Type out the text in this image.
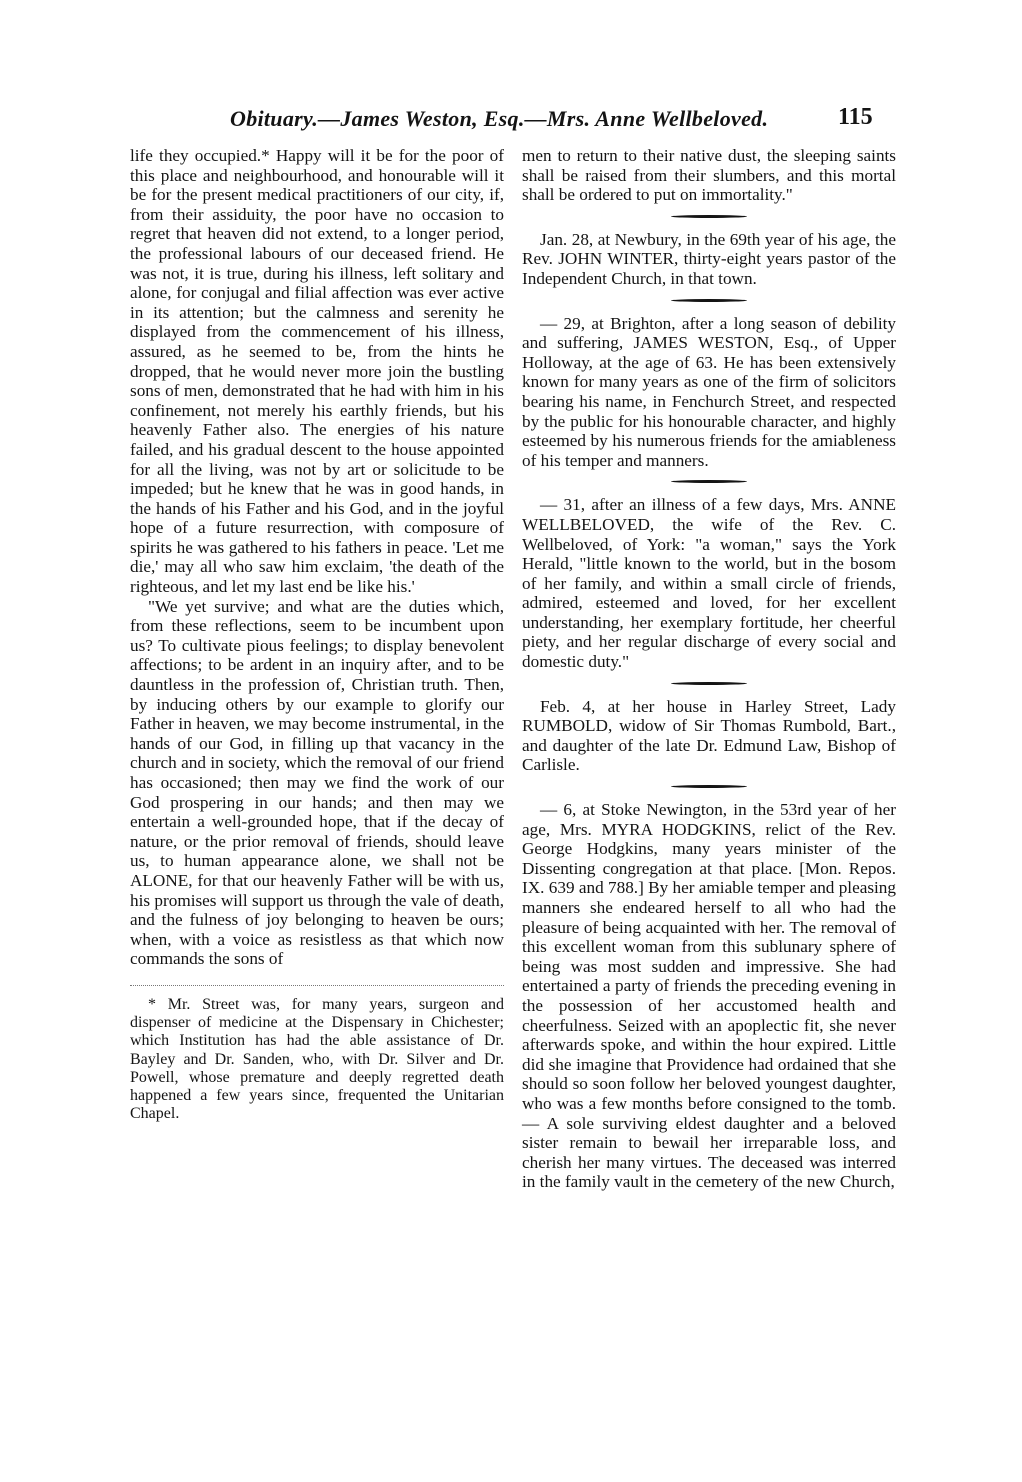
Obituary.—James Weston, Esq.—Mrs. Anne Wellbeloved.	115

life they occupied.* Happy will it be for the poor of this place and neighbourhood, and honourable will it be for the present medical practitioners of our city, if, from their assiduity, the poor have no occasion to regret that heaven did not extend, to a longer period, the professional labours of our deceased friend. He was not, it is true, during his illness, left solitary and alone, for conjugal and filial affection was ever active in its attention; but the calmness and serenity he displayed from the commencement of his illness, assured, as he seemed to be, from the hints he dropped, that he would never more join the bustling sons of men, demonstrated that he had with him in his confinement, not merely his earthly friends, but his heavenly Father also. The energies of his nature failed, and his gradual descent to the house appointed for all the living, was not by art or solicitude to be impeded; but he knew that he was in good hands, in the hands of his Father and his God, and in the joyful hope of a future resurrection, with composure of spirits he was gathered to his fathers in peace. 'Let me die,' may all who saw him exclaim, 'the death of the righteous, and let my last end be like his.'

"We yet survive; and what are the duties which, from these reflections, seem to be incumbent upon us? To cultivate pious feelings; to display benevolent affections; to be ardent in an inquiry after, and to be dauntless in the profession of, Christian truth. Then, by inducing others by our example to glorify our Father in heaven, we may become instrumental, in the hands of our God, in filling up that vacancy in the church and in society, which the removal of our friend has occasioned; then may we find the work of our God prospering in our hands; and then may we entertain a well-grounded hope, that if the decay of nature, or the prior removal of friends, should leave us, to human appearance alone, we shall not be ALONE, for that our heavenly Father will be with us, his promises will support us through the vale of death, and the fulness of joy belonging to heaven be ours; when, with a voice as resistless as that which now commands the sons of

* Mr. Street was, for many years, surgeon and dispenser of medicine at the Dispensary in Chichester; which Institution has had the able assistance of Dr. Bayley and Dr. Sanden, who, with Dr. Silver and Dr. Powell, whose premature and deeply regretted death happened a few years since, frequented the Unitarian Chapel.

men to return to their native dust, the sleeping saints shall be raised from their slumbers, and this mortal shall be ordered to put on immortality."

Jan. 28, at Newbury, in the 69th year of his age, the Rev. JOHN WINTER, thirty-eight years pastor of the Independent Church, in that town.

— 29, at Brighton, after a long season of debility and suffering, JAMES WESTON, Esq., of Upper Holloway, at the age of 63. He has been extensively known for many years as one of the firm of solicitors bearing his name, in Fenchurch Street, and respected by the public for his honourable character, and highly esteemed by his numerous friends for the amiableness of his temper and manners.

— 31, after an illness of a few days, Mrs. ANNE WELLBELOVED, the wife of the Rev. C. Wellbeloved, of York: "a woman," says the York Herald, "little known to the world, but in the bosom of her family, and within a small circle of friends, admired, esteemed and loved, for her excellent understanding, her exemplary fortitude, her cheerful piety, and her regular discharge of every social and domestic duty."

Feb. 4, at her house in Harley Street, Lady RUMBOLD, widow of Sir Thomas Rumbold, Bart., and daughter of the late Dr. Edmund Law, Bishop of Carlisle.

— 6, at Stoke Newington, in the 53rd year of her age, Mrs. MYRA HODGKINS, relict of the Rev. George Hodgkins, many years minister of the Dissenting congregation at that place. [Mon. Repos. IX. 639 and 788.] By her amiable temper and pleasing manners she endeared herself to all who had the pleasure of being acquainted with her. The removal of this excellent woman from this sublunary sphere of being was most sudden and impressive. She had entertained a party of friends the preceding evening in the possession of her accustomed health and cheerfulness. Seized with an apoplectic fit, she never afterwards spoke, and within the hour expired. Little did she imagine that Providence had ordained that she should so soon follow her beloved youngest daughter, who was a few months before consigned to the tomb.— A sole surviving eldest daughter and a beloved sister remain to bewail her irreparable loss, and cherish her many virtues. The deceased was interred in the family vault in the cemetery of the new Church,
